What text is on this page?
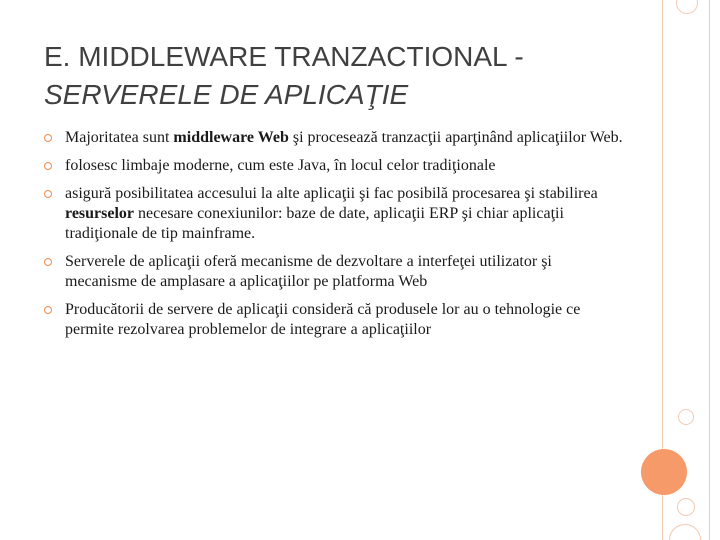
E. MIDDLEWARE TRANZACTIONAL -
SERVERELE DE APLICAŢIE
Majoritatea sunt middleware Web şi procesează tranzacţii aparţinând aplicaţiilor Web.
folosesc limbaje moderne, cum este Java, în locul celor tradiţionale
asigură posibilitatea accesului la alte aplicaţii şi fac posibilă procesarea şi stabilirea resurselor necesare conexiunilor: baze de date, aplicaţii ERP şi chiar aplicaţii tradiţionale de tip mainframe.
Serverele de aplicaţii oferă mecanisme de dezvoltare a interfeţei utilizator şi mecanisme de amplasare a aplicaţiilor pe platforma Web
Producătorii de servere de aplicaţii consideră că produsele lor au o tehnologie ce permite rezolvarea problemelor de integrare a aplicaţiilor
